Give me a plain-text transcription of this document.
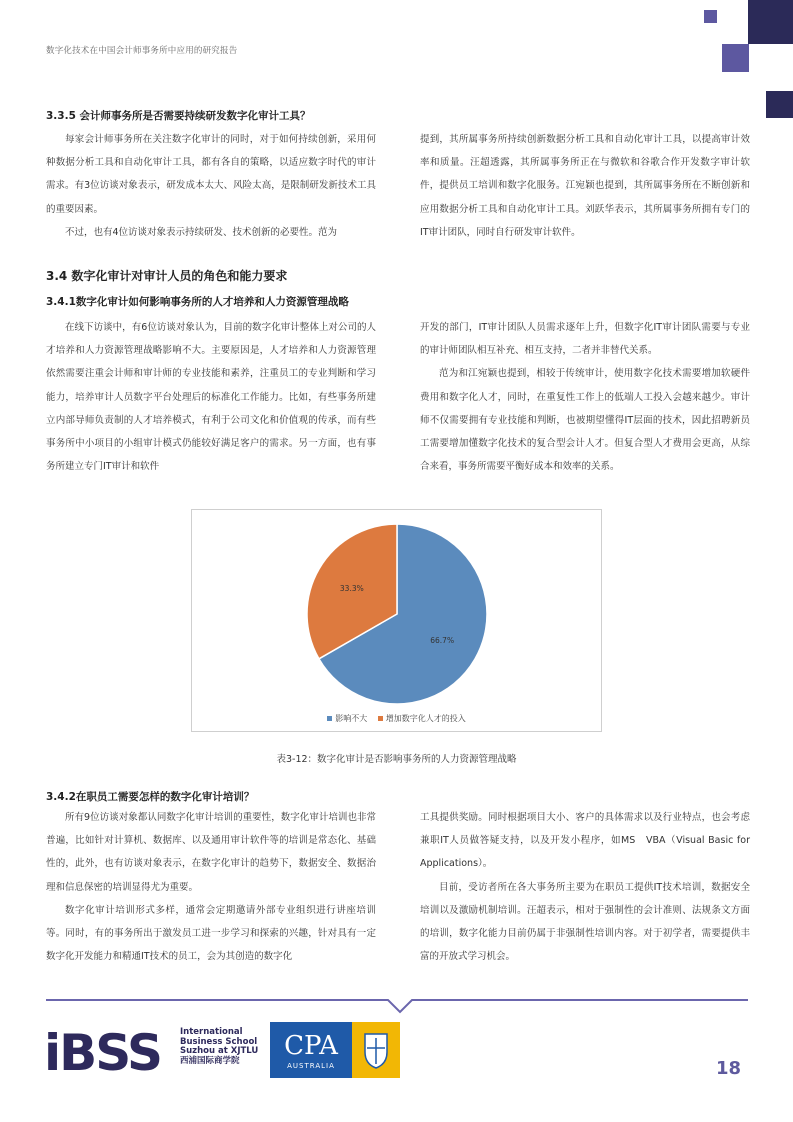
数字化技术在中国会计师事务所中应用的研究报告
3.3.5 会计师事务所是否需要持续研发数字化审计工具？

每家会计师事务所在关注数字化审计的同时，对于如何持续创新，采用何种数据分析工具和自动化审计工具，都有各自的策略，以适应数字时代的审计需求。有3位访谈对象表示，研发成本太大、风险太高，是限制研发新技术工具的重要因素。

不过，也有4位访谈对象表示持续研发、技术创新的必要性。范为

提到，其所属事务所持续创新数据分析工具和自动化审计工具，以提高审计效率和质量。汪超透露，其所属事务所正在与微软和谷歌合作开发数字审计软件，提供员工培训和数字化服务。江宛颖也提到，其所属事务所在不断创新和应用数据分析工具和自动化审计工具。刘跃华表示，其所属事务所拥有专门的IT审计团队，同时自行研发审计软件。

3.4 数字化审计对审计人员的角色和能力要求
3.4.1数字化审计如何影响事务所的人才培养和人力资源管理战略

在线下访谈中，有6位访谈对象认为，目前的数字化审计整体上对公司的人才培养和人力资源管理战略影响不大。主要原因是，人才培养和人力资源管理依然需要注重会计师和审计师的专业技能和素养，注重员工的专业判断和学习能力，培养审计人员数字平台处理后的标准化工作能力。比如，有些事务所建立内部导师负责制的人才培养模式，有利于公司文化和价值观的传承，而有些事务所中小项目的小组审计模式仍能较好满足客户的需求。另一方面，也有事务所建立专门IT审计和软件

开发的部门，IT审计团队人员需求逐年上升，但数字化IT审计团队需要与专业的审计师团队相互补充、相互支持，二者并非替代关系。

范为和江宛颖也提到，相较于传统审计，使用数字化技术需要增加软硬件费用和数字化人才，同时，在重复性工作上的低端人工投入会越来越少。审计师不仅需要拥有专业技能和判断，也被期望懂得IT层面的技术，因此招聘新员工需要增加懂数字化技术的复合型会计人才。但复合型人才费用会更高，从综合来看，事务所需要平衡好成本和效率的关系。

66.7%
33.3%
影响不大 增加数字化人才的投入
表3-12：数字化审计是否影响事务所的人力资源管理战略
3.4.2在职员工需要怎样的数字化审计培训？

所有9位访谈对象都认同数字化审计培训的重要性，数字化审计培训也非常普遍，比如针对计算机、数据库、以及通用审计软件等的培训是常态化、基础性的，此外，也有访谈对象表示，在数字化审计的趋势下，数据安全、数据治理和信息保密的培训显得尤为重要。

数字化审计培训形式多样，通常会定期邀请外部专业组织进行讲座培训等。同时，有的事务所出于激发员工进一步学习和探索的兴趣，针对具有一定数字化开发能力和精通IT技术的员工，会为其创造的数字化

工具提供奖励。同时根据项目大小、客户的具体需求以及行业特点，也会考虑兼职IT人员做答疑支持，以及开发小程序，如MS　VBA（Visual Basic for Applications）。

目前，受访者所在各大事务所主要为在职员工提供IT技术培训，数据安全培训以及激励机制培训。汪超表示，相对于强制性的会计准则、法规条文方面的培训，数字化能力目前仍属于非强制性培训内容。对于初学者，需要提供丰富的开放式学习机会。

iBSS International
Business School
Suzhou at XJTLU
西浦国际商学院	CPA
AUSTRALIA	18
